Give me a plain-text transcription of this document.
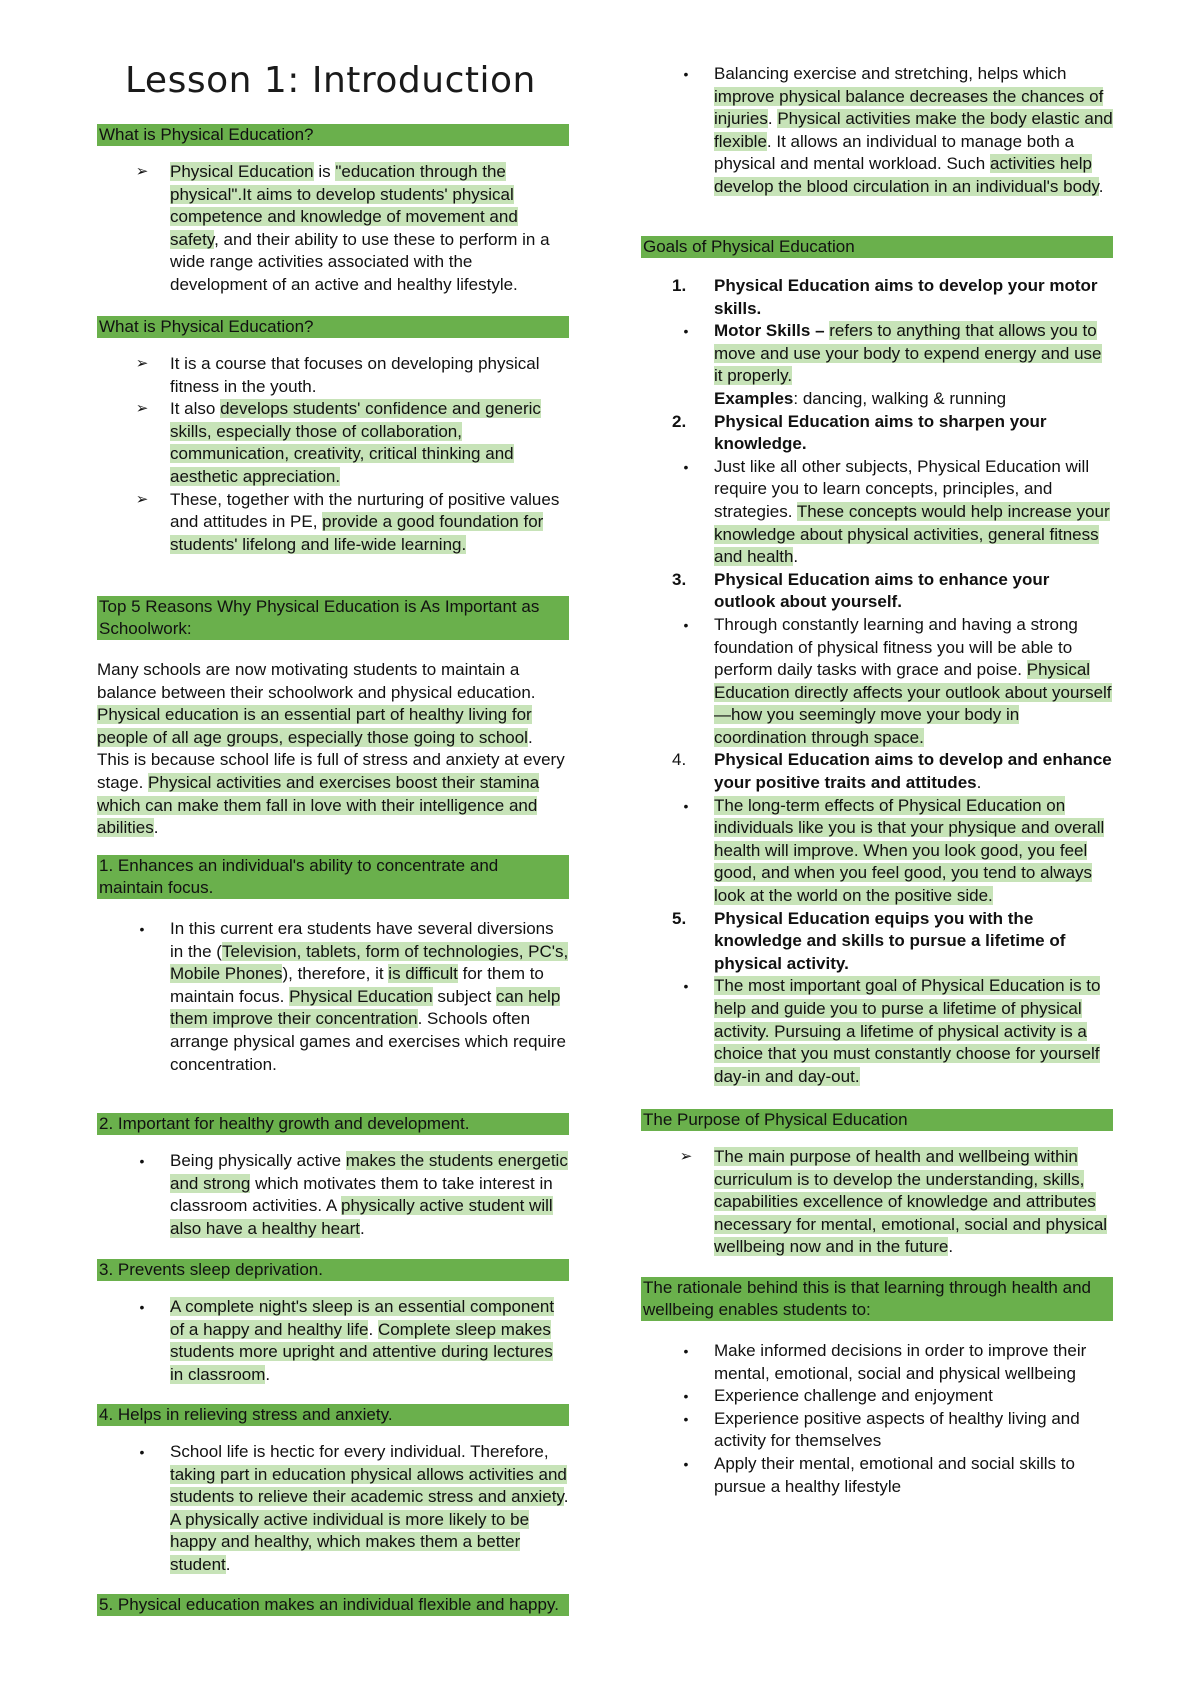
Lesson 1: Introduction
What is Physical Education?
➢	Physical Education is "education through the physical".It aims to develop students' physical competence and knowledge of movement and safety, and their ability to use these to perform in a wide range activities associated with the development of an active and healthy lifestyle.

What is Physical Education?
➢	It is a course that focuses on developing physical fitness in the youth.

➢	It also develops students' confidence and generic skills, especially those of collaboration, communication, creativity, critical thinking and aesthetic appreciation.

➢	These, together with the nurturing of positive values and attitudes in PE, provide a good foundation for students' lifelong and life-wide learning.

Top 5 Reasons Why Physical Education is As Important as Schoolwork:

Many schools are now motivating students to maintain a balance between their schoolwork and physical education. Physical education is an essential part of healthy living for people of all age groups, especially those going to school. This is because school life is full of stress and anxiety at every stage. Physical activities and exercises boost their stamina which can make them fall in love with their intelligence and abilities.

1. Enhances an individual's ability to concentrate and maintain focus.
•	In this current era students have several diversions in the (Television, tablets, form of technologies, PC's, Mobile Phones), therefore, it is difficult for them to maintain focus. Physical Education subject can help them improve their concentration. Schools often arrange physical games and exercises which require concentration.

2. Important for healthy growth and development.
•	Being physically active makes the students energetic and strong which motivates them to take interest in classroom activities. A physically active student will also have a healthy heart.

3. Prevents sleep deprivation.
•	A complete night's sleep is an essential component of a happy and healthy life. Complete sleep makes students more upright and attentive during lectures in classroom.

4. Helps in relieving stress and anxiety.
•	School life is hectic for every individual. Therefore, taking part in education physical allows activities and students to relieve their academic stress and anxiety. A physically active individual is more likely to be happy and healthy, which makes them a better student.

5. Physical education makes an individual flexible and happy.
•	Balancing exercise and stretching, helps which improve physical balance decreases the chances of injuries. Physical activities make the body elastic and flexible. It allows an individual to manage both a physical and mental workload. Such activities help develop the blood circulation in an individual's body.

Goals of Physical Education
1.	Physical Education aims to develop your motor skills.

•	Motor Skills – refers to anything that allows you to move and use your body to expend energy and use it properly.

Examples: dancing, walking & running

2.	Physical Education aims to sharpen your knowledge.

•	Just like all other subjects, Physical Education will require you to learn concepts, principles, and strategies. These concepts would help increase your knowledge about physical activities, general fitness and health.

3.	Physical Education aims to enhance your outlook about yourself.

•	Through constantly learning and having a strong foundation of physical fitness you will be able to perform daily tasks with grace and poise. Physical Education directly affects your outlook about yourself—how you seemingly move your body in coordination through space.

4.	Physical Education aims to develop and enhance your positive traits and attitudes.

•	The long-term effects of Physical Education on individuals like you is that your physique and overall health will improve. When you look good, you feel good, and when you feel good, you tend to always look at the world on the positive side.

5.	Physical Education equips you with the knowledge and skills to pursue a lifetime of physical activity.

•	The most important goal of Physical Education is to help and guide you to purse a lifetime of physical activity. Pursuing a lifetime of physical activity is a choice that you must constantly choose for yourself day-in and day-out.

The Purpose of Physical Education
➢	The main purpose of health and wellbeing within curriculum is to develop the understanding, skills, capabilities excellence of knowledge and attributes necessary for mental, emotional, social and physical wellbeing now and in the future.

The rationale behind this is that learning through health and wellbeing enables students to:
•	Make informed decisions in order to improve their mental, emotional, social and physical wellbeing

•	Experience challenge and enjoyment

•	Experience positive aspects of healthy living and activity for themselves

•	Apply their mental, emotional and social skills to pursue a healthy lifestyle
